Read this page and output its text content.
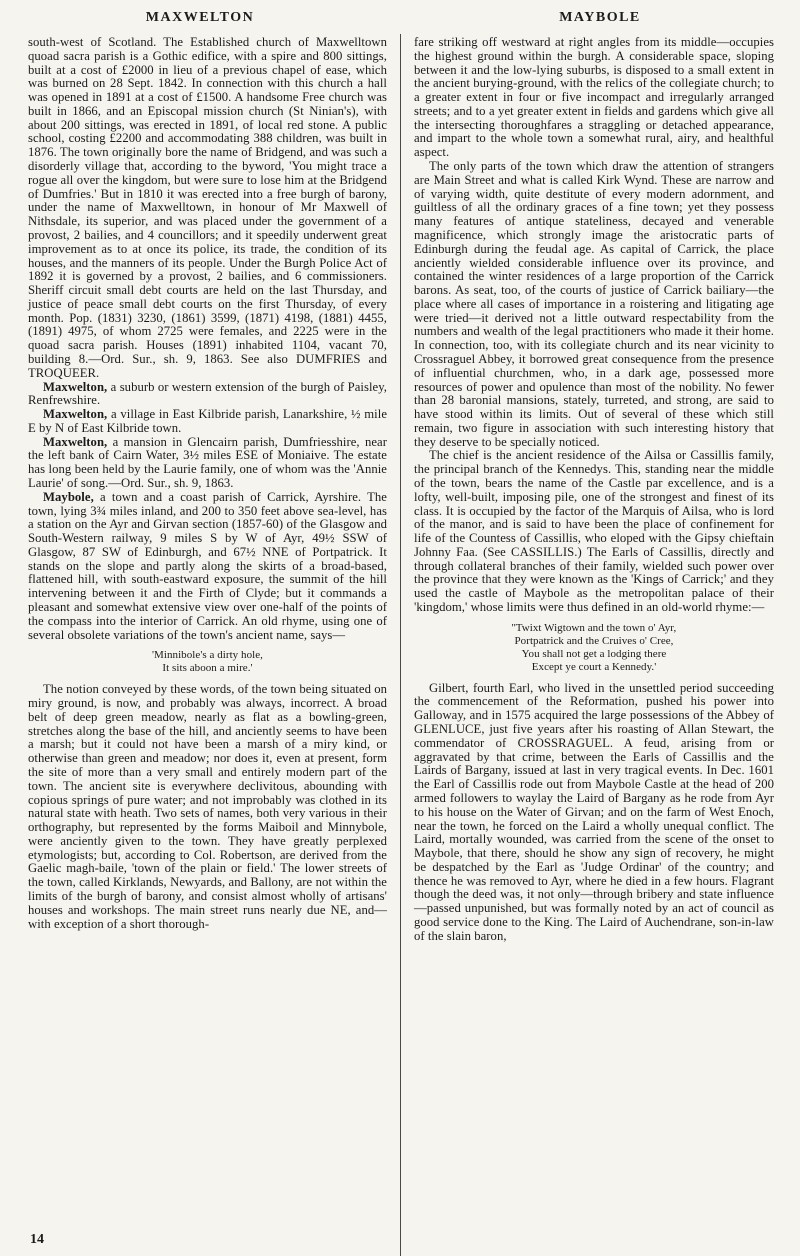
MAXWELTON	MAYBOLE

south-west of Scotland. The Established church of Maxwelltown quoad sacra parish is a Gothic edifice, with a spire and 800 sittings, built at a cost of £2000 in lieu of a previous chapel of ease, which was burned on 28 Sept. 1842. In connection with this church a hall was opened in 1891 at a cost of £1500. A handsome Free church was built in 1866, and an Episcopal mission church (St Ninian's), with about 200 sittings, was erected in 1891, of local red stone. A public school, costing £2200 and accommodating 388 children, was built in 1876. The town originally bore the name of Bridgend, and was such a disorderly village that, according to the byword, 'You might trace a rogue all over the kingdom, but were sure to lose him at the Bridgend of Dumfries.' But in 1810 it was erected into a free burgh of barony, under the name of Maxwelltown, in honour of Mr Maxwell of Nithsdale, its superior, and was placed under the government of a provost, 2 bailies, and 4 councillors; and it speedily underwent great improvement as to at once its police, its trade, the condition of its houses, and the manners of its people. Under the Burgh Police Act of 1892 it is governed by a provost, 2 bailies, and 6 commissioners. Sheriff circuit small debt courts are held on the last Thursday, and justice of peace small debt courts on the first Thursday, of every month. Pop. (1831) 3230, (1861) 3599, (1871) 4198, (1881) 4455, (1891) 4975, of whom 2725 were females, and 2225 were in the quoad sacra parish. Houses (1891) inhabited 1104, vacant 70, building 8.—Ord. Sur., sh. 9, 1863. See also DUMFRIES and TROQUEER.

Maxwelton, a suburb or western extension of the burgh of Paisley, Renfrewshire.

Maxwelton, a village in East Kilbride parish, Lanarkshire, ½ mile E by N of East Kilbride town.

Maxwelton, a mansion in Glencairn parish, Dumfriesshire, near the left bank of Cairn Water, 3½ miles ESE of Moniaive. The estate has long been held by the Laurie family, one of whom was the 'Annie Laurie' of song.—Ord. Sur., sh. 9, 1863.

Maybole, a town and a coast parish of Carrick, Ayrshire. The town, lying 3¾ miles inland, and 200 to 350 feet above sea-level, has a station on the Ayr and Girvan section (1857-60) of the Glasgow and South-Western railway, 9 miles S by W of Ayr, 49½ SSW of Glasgow, 87 SW of Edinburgh, and 67½ NNE of Portpatrick. It stands on the slope and partly along the skirts of a broad-based, flattened hill, with south-eastward exposure, the summit of the hill intervening between it and the Firth of Clyde; but it commands a pleasant and somewhat extensive view over one-half of the points of the compass into the interior of Carrick. An old rhyme, using one of several obsolete variations of the town's ancient name, says—

'Minnibole's a dirty hole,
It sits aboon a mire.'

The notion conveyed by these words, of the town being situated on miry ground, is now, and probably was always, incorrect. A broad belt of deep green meadow, nearly as flat as a bowling-green, stretches along the base of the hill, and anciently seems to have been a marsh; but it could not have been a marsh of a miry kind, or otherwise than green and meadow; nor does it, even at present, form the site of more than a very small and entirely modern part of the town. The ancient site is everywhere declivitous, abounding with copious springs of pure water; and not improbably was clothed in its natural state with heath. Two sets of names, both very various in their orthography, but represented by the forms Maiboil and Minnybole, were anciently given to the town. They have greatly perplexed etymologists; but, according to Col. Robertson, are derived from the Gaelic magh-baile, 'town of the plain or field.' The lower streets of the town, called Kirklands, Newyards, and Ballony, are not within the limits of the burgh of barony, and consist almost wholly of artisans' houses and workshops. The main street runs nearly due NE, and—with exception of a short thorough-

fare striking off westward at right angles from its middle—occupies the highest ground within the burgh. A considerable space, sloping between it and the low-lying suburbs, is disposed to a small extent in the ancient burying-ground, with the relics of the collegiate church; to a greater extent in four or five incompact and irregularly arranged streets; and to a yet greater extent in fields and gardens which give all the intersecting thoroughfares a straggling or detached appearance, and impart to the whole town a somewhat rural, airy, and healthful aspect.

The only parts of the town which draw the attention of strangers are Main Street and what is called Kirk Wynd. These are narrow and of varying width, quite destitute of every modern adornment, and guiltless of all the ordinary graces of a fine town; yet they possess many features of antique stateliness, decayed and venerable magnificence, which strongly image the aristocratic parts of Edinburgh during the feudal age. As capital of Carrick, the place anciently wielded considerable influence over its province, and contained the winter residences of a large proportion of the Carrick barons. As seat, too, of the courts of justice of Carrick bailiary—the place where all cases of importance in a roistering and litigating age were tried—it derived not a little outward respectability from the numbers and wealth of the legal practitioners who made it their home. In connection, too, with its collegiate church and its near vicinity to Crossraguel Abbey, it borrowed great consequence from the presence of influential churchmen, who, in a dark age, possessed more resources of power and opulence than most of the nobility. No fewer than 28 baronial mansions, stately, turreted, and strong, are said to have stood within its limits. Out of several of these which still remain, two figure in association with such interesting history that they deserve to be specially noticed.

The chief is the ancient residence of the Ailsa or Cassillis family, the principal branch of the Kennedys. This, standing near the middle of the town, bears the name of the Castle par excellence, and is a lofty, well-built, imposing pile, one of the strongest and finest of its class. It is occupied by the factor of the Marquis of Ailsa, who is lord of the manor, and is said to have been the place of confinement for life of the Countess of Cassillis, who eloped with the Gipsy chieftain Johnny Faa. (See CASSILLIS.) The Earls of Cassillis, directly and through collateral branches of their family, wielded such power over the province that they were known as the 'Kings of Carrick;' and they used the castle of Maybole as the metropolitan palace of their 'kingdom,' whose limits were thus defined in an old-world rhyme:—

''Twixt Wigtown and the town o' Ayr,
Portpatrick and the Cruives o' Cree,
You shall not get a lodging there
Except ye court a Kennedy.'

Gilbert, fourth Earl, who lived in the unsettled period succeeding the commencement of the Reformation, pushed his power into Galloway, and in 1575 acquired the large possessions of the Abbey of GLENLUCE, just five years after his roasting of Allan Stewart, the commendator of CROSSRAGUEL. A feud, arising from or aggravated by that crime, between the Earls of Cassillis and the Lairds of Bargany, issued at last in very tragical events. In Dec. 1601 the Earl of Cassillis rode out from Maybole Castle at the head of 200 armed followers to waylay the Laird of Bargany as he rode from Ayr to his house on the Water of Girvan; and on the farm of West Enoch, near the town, he forced on the Laird a wholly unequal conflict. The Laird, mortally wounded, was carried from the scene of the onset to Maybole, that there, should he show any sign of recovery, he might be despatched by the Earl as 'Judge Ordinar' of the country; and thence he was removed to Ayr, where he died in a few hours. Flagrant though the deed was, it not only—through bribery and state influence—passed unpunished, but was formally noted by an act of council as good service done to the King. The Laird of Auchendrane, son-in-law of the slain baron,

14
